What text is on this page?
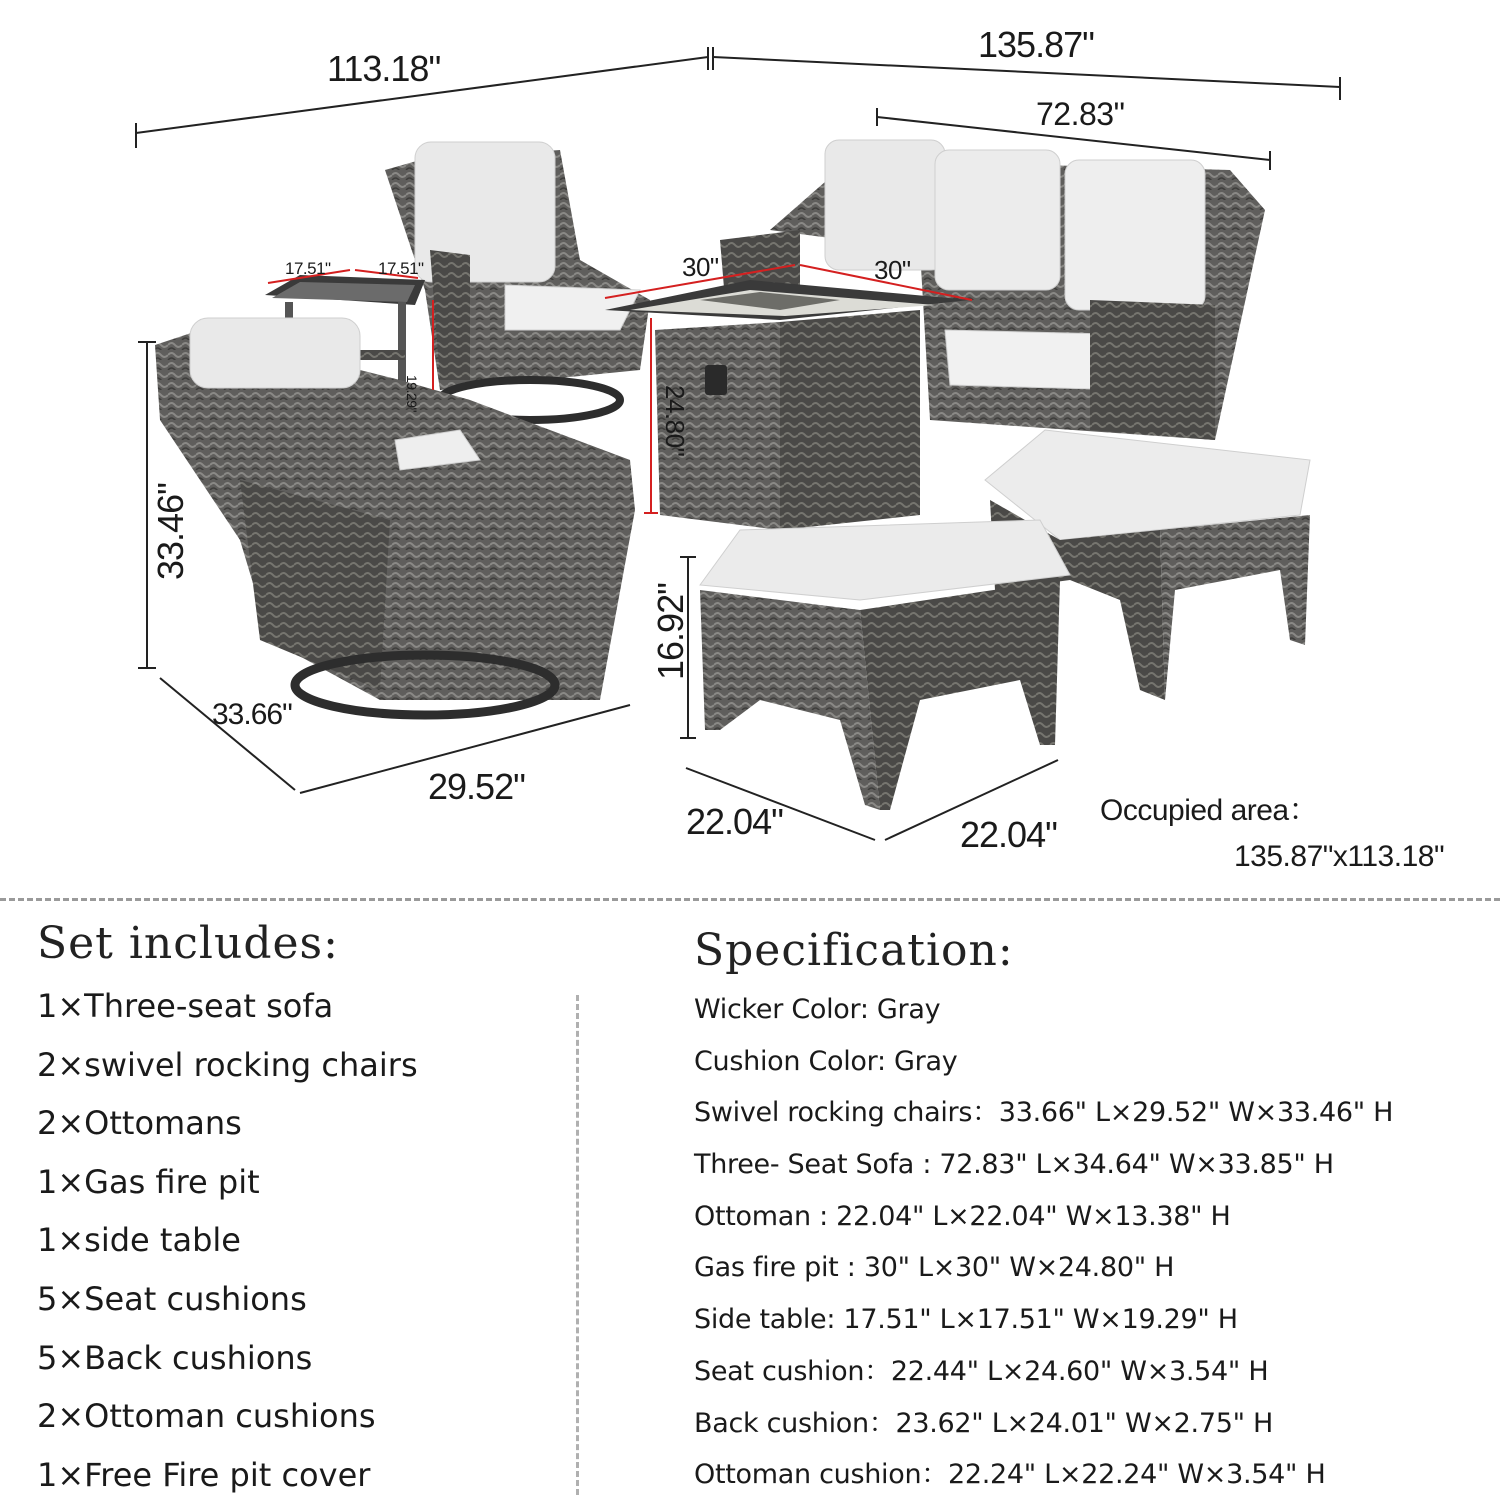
113.18"
135.87"
72.83"
30"	30"
17.51"	17.51"
19.29"	24.80"
33.46"
33.66"
29.52"
16.92"
22.04"	22.04"
Occupied area：
135.87"x113.18"
Set includes:
1×Three-seat sofa
2×swivel rocking chairs
2×Ottomans
1×Gas fire pit
1×side table
5×Seat cushions
5×Back cushions
2×Ottoman cushions
1×Free Fire pit cover
Specification:
Wicker Color: Gray
Cushion Color: Gray
Swivel rocking chairs：33.66" L×29.52" W×33.46" H
Three- Seat Sofa : 72.83" L×34.64" W×33.85" H
Ottoman : 22.04" L×22.04" W×13.38" H
Gas fire pit : 30" L×30" W×24.80" H
Side table: 17.51" L×17.51" W×19.29" H
Seat cushion：22.44" L×24.60" W×3.54" H
Back cushion：23.62" L×24.01" W×2.75" H
Ottoman cushion：22.24" L×22.24" W×3.54" H
